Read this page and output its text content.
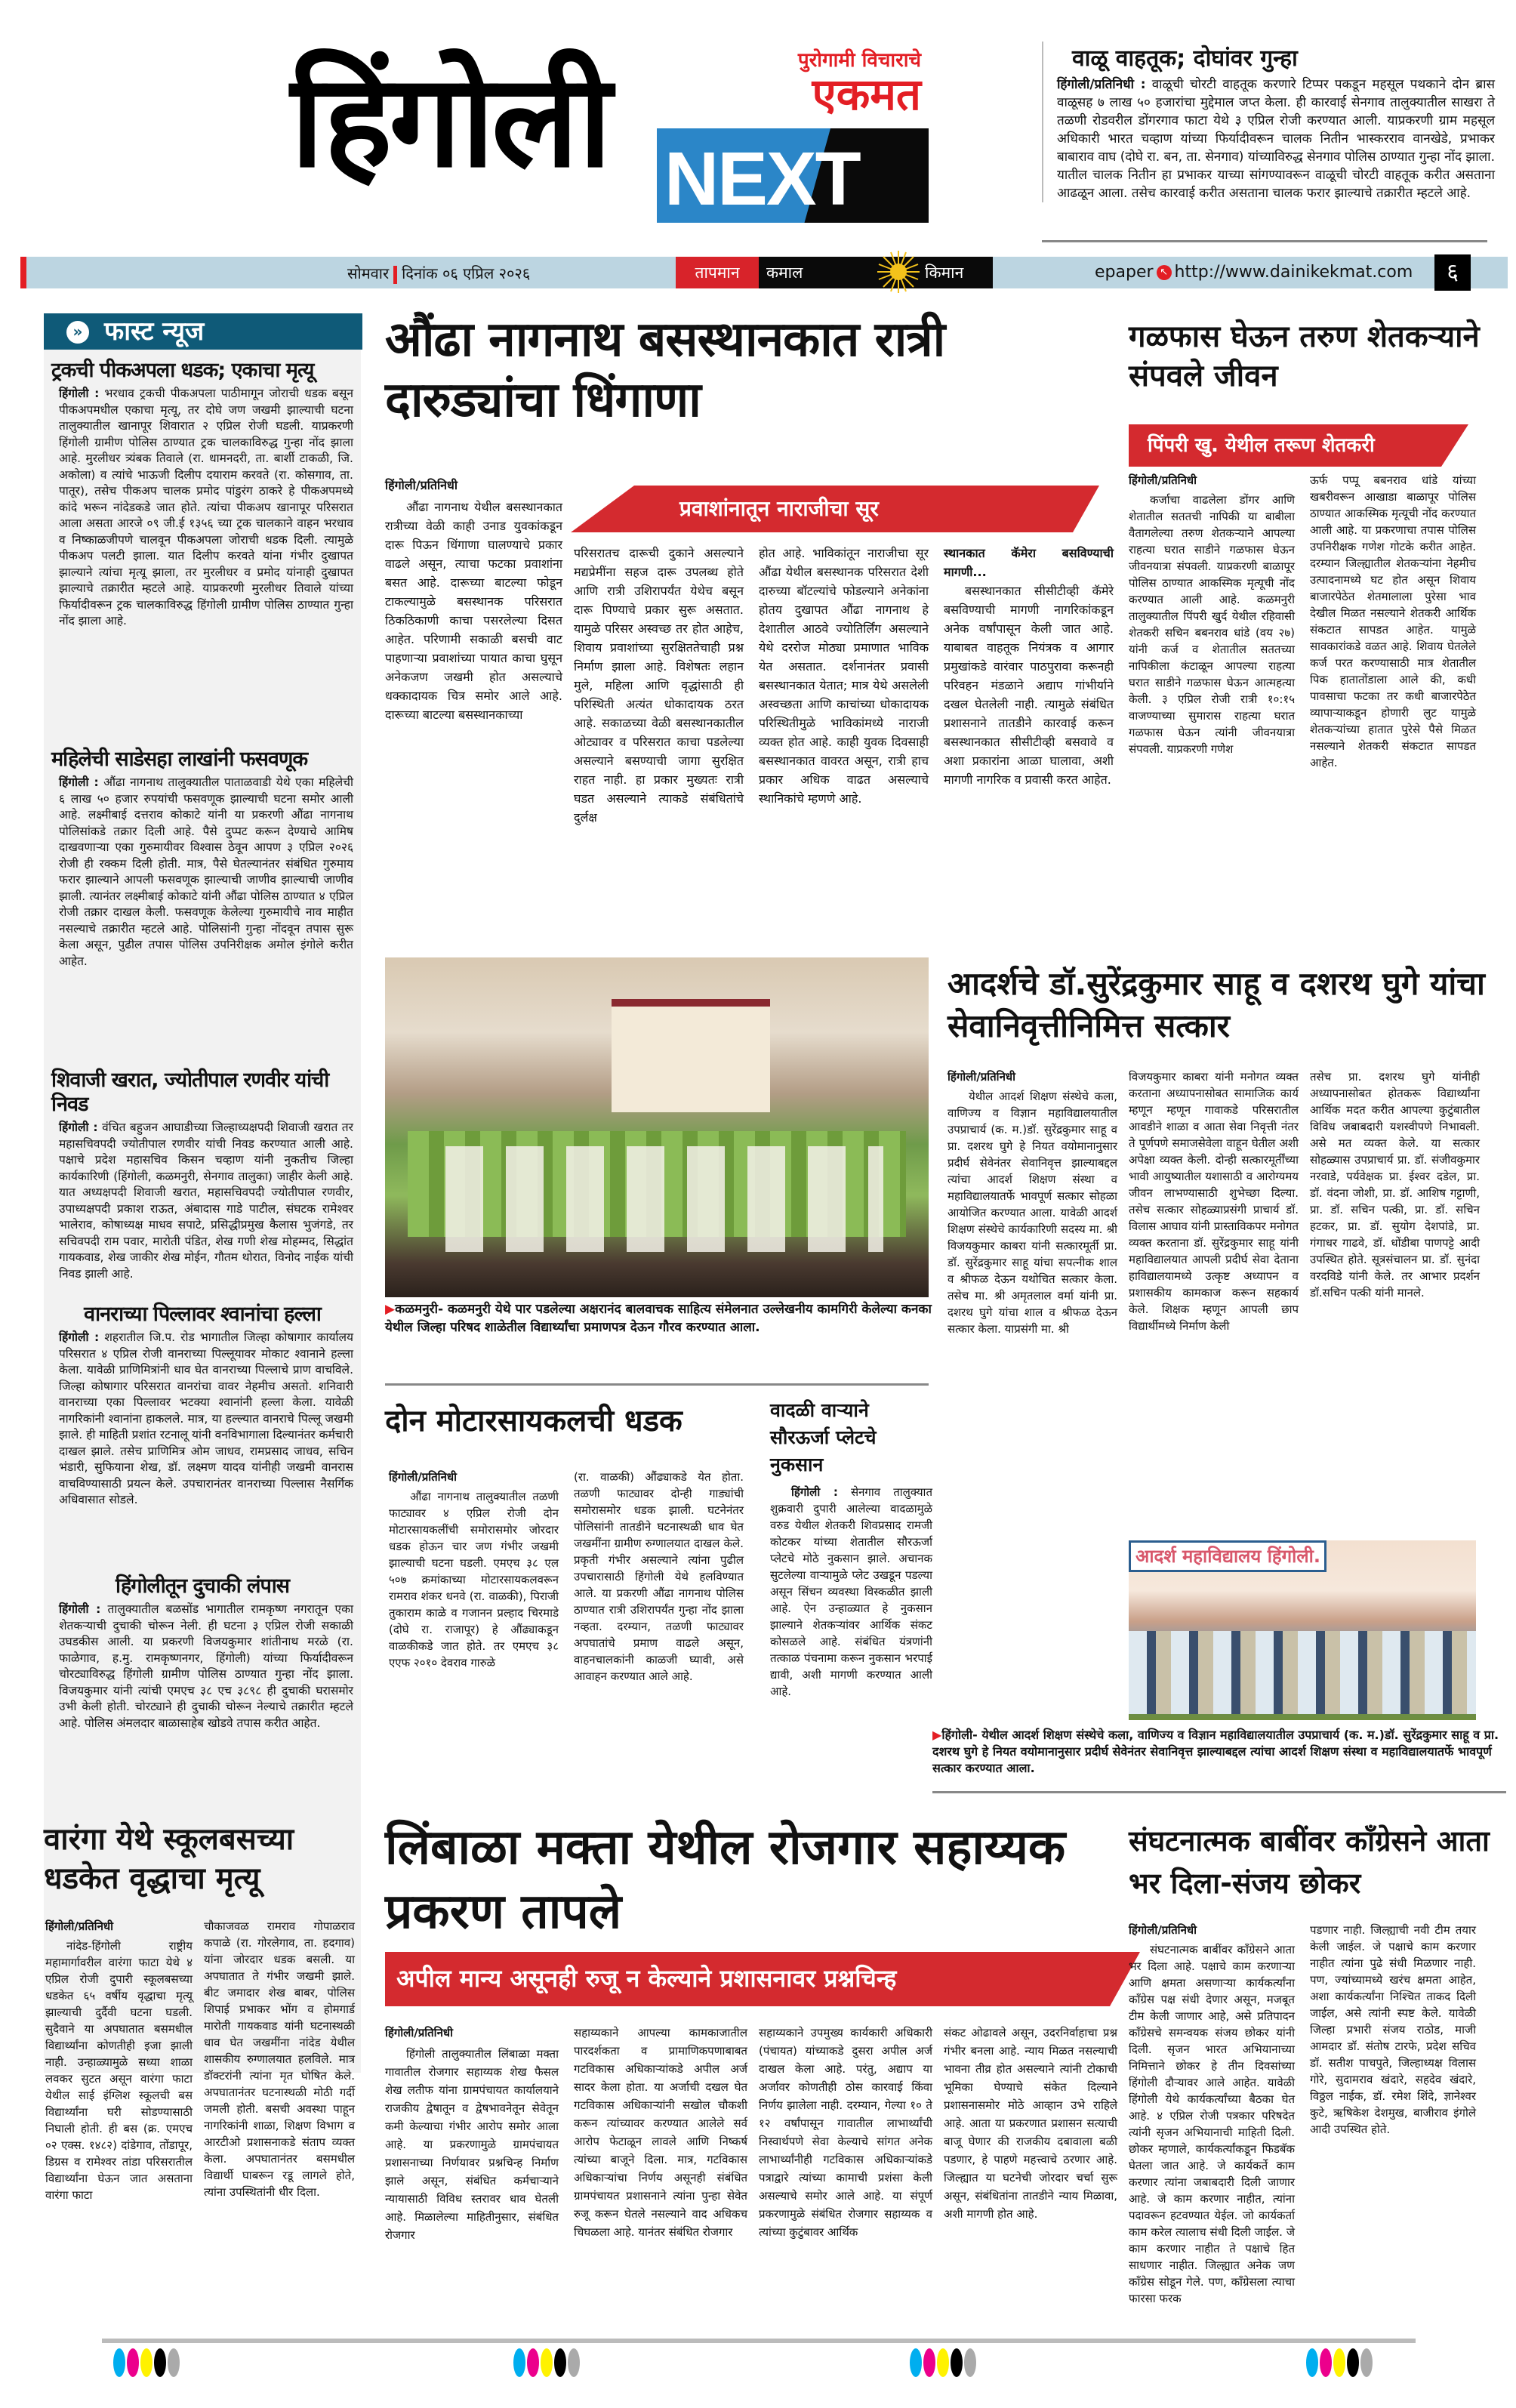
हिंगोली	पुरोगामी विचाराचे
एकमत
NEXT
वाळू वाहतूक; दोघांवर गुन्हा

हिंगोली/प्रतिनिधी : वाळूची चोरटी वाहतूक करणारे टिप्पर पकडून महसूल पथकाने दोन ब्रास वाळूसह ७ लाख ५० हजारांचा मुद्देमाल जप्त केला. ही कारवाई सेनगाव तालुक्यातील साखरा ते तळणी रोडवरील डोंगरगाव फाटा येथे ३ एप्रिल रोजी करण्यात आली. याप्रकरणी ग्राम महसूल अधिकारी भारत चव्हाण यांच्या फिर्यादीवरून चालक नितीन भास्करराव वानखेडे, प्रभाकर बाबाराव वाघ (दोघे रा. बन, ता. सेनगाव) यांच्याविरुद्ध सेनगाव पोलिस ठाण्यात गुन्हा नोंद झाला. यातील चालक नितीन हा प्रभाकर याच्या सांगण्यावरून वाळूची चोरटी वाहतूक करीत असताना आढळून आला. तसेच कारवाई करीत असताना चालक फरार झाल्याचे तक्रारीत म्हटले आहे.

सोमवार दिनांक ०६ एप्रिल २०२६	तापमान	कमाल	किमान	epaper ↖ http://www.dainikekmat.com	६
फास्ट न्यूज
»
ट्रकची पीकअपला धडक; एकाचा मृत्यू

हिंगोली : भरधाव ट्रकची पीकअपला पाठीमागून जोराची धडक बसून पीकअपमधील एकाचा मृत्यू, तर दोघे जण जखमी झाल्याची घटना तालुक्यातील खानापूर शिवारात २ एप्रिल रोजी घडली. याप्रकरणी हिंगोली ग्रामीण पोलिस ठाण्यात ट्रक चालकाविरुद्ध गुन्हा नोंद झाला आहे. मुरलीधर त्र्यंबक तिवाले (रा. धामनदरी, ता. बार्शी टाकळी, जि. अकोला) व त्यांचे भाऊजी दिलीप दयाराम करवते (रा. कोसगाव, ता. पातूर), तसेच पीकअप चालक प्रमोद पांडुरंग ठाकरे हे पीकअपमध्ये कांदे भरून नांदेडकडे जात होते. त्यांचा पीकअप खानापूर परिसरात आला असता आरजे ०९ जी.ई १३५६ च्या ट्रक चालकाने वाहन भरधाव व निष्काळजीपणे चालवून पीकअपला जोराची धडक दिली. त्यामुळे पीकअप पलटी झाला. यात दिलीप करवते यांना गंभीर दुखापत झाल्याने त्यांचा मृत्यू झाला, तर मुरलीधर व प्रमोद यांनाही दुखापत झाल्याचे तक्रारीत म्हटले आहे. याप्रकरणी मुरलीधर तिवाले यांच्या फिर्यादीवरून ट्रक चालकाविरुद्ध हिंगोली ग्रामीण पोलिस ठाण्यात गुन्हा नोंद झाला आहे.

महिलेची साडेसहा लाखांनी फसवणूक

हिंगोली : औंढा नागनाथ तालुक्यातील पाताळवाडी येथे एका महिलेची ६ लाख ५० हजार रुपयांची फसवणूक झाल्याची घटना समोर आली आहे. लक्ष्मीबाई दत्तराव कोकाटे यांनी या प्रकरणी औंढा नागनाथ पोलिसांकडे तक्रार दिली आहे. पैसे दुप्पट करून देण्याचे आमिष दाखवणाऱ्या एका गुरुमायीवर विश्वास ठेवून आपण ३ एप्रिल २०२६ रोजी ही रक्कम दिली होती. मात्र, पैसे घेतल्यानंतर संबंधित गुरुमाय फरार झाल्याने आपली फसवणूक झाल्याची जाणीव झाल्याची जाणीव झाली. त्यानंतर लक्ष्मीबाई कोकाटे यांनी औंढा पोलिस ठाण्यात ४ एप्रिल रोजी तक्रार दाखल केली. फसवणूक केलेल्या गुरुमायीचे नाव माहीत नसल्याचे तक्रारीत म्हटले आहे. पोलिसांनी गुन्हा नोंदवून तपास सुरू केला असून, पुढील तपास पोलिस उपनिरीक्षक अमोल इंगोले करीत आहेत.

शिवाजी खरात, ज्योतीपाल रणवीर यांची निवड

हिंगोली : वंचित बहुजन आघाडीच्या जिल्हाध्यक्षपदी शिवाजी खरात तर महासचिवपदी ज्योतीपाल रणवीर यांची निवड करण्यात आली आहे. पक्षाचे प्रदेश महासचिव किसन चव्हाण यांनी नुकतीच जिल्हा कार्यकारिणी (हिंगोली, कळमनुरी, सेनगाव तालुका) जाहीर केली आहे. यात अध्यक्षपदी शिवाजी खरात, महासचिवपदी ज्योतीपाल रणवीर, उपाध्यक्षपदी प्रकाश राऊत, अंबादास गाडे पाटील, संघटक रामेश्वर भालेराव, कोषाध्यक्ष माधव सपाटे, प्रसिद्धीप्रमुख कैलास भुजंगडे, तर सचिवपदी राम पवार, मारोती पंडित, शेख गणी शेख मोहम्मद, सिद्धांत गायकवाड, शेख जाकीर शेख मोईन, गौतम थोरात, विनोद नाईक यांची निवड झाली आहे.

वानराच्या पिल्लावर श्वानांचा हल्ला

हिंगोली : शहरातील जि.प. रोड भागातील जिल्हा कोषागार कार्यालय परिसरात ४ एप्रिल रोजी वानराच्या पिल्लूयावर मोकाट श्वानाने हल्ला केला. यावेळी प्राणिमित्रांनी धाव घेत वानराच्या पिल्लाचे प्राण वाचविले. जिल्हा कोषागार परिसरात वानरांचा वावर नेहमीच असतो. शनिवारी वानराच्या एका पिल्लावर भटक्या श्वानांनी हल्ला केला. यावेळी नागरिकांनी श्वानांना हाकलले. मात्र, या हल्ल्यात वानराचे पिल्लू जखमी झाले. ही माहिती प्रशांत रटनालू यांनी वनविभागाला दिल्यानंतर कर्मचारी दाखल झाले. तसेच प्राणिमित्र ओम जाधव, रामप्रसाद जाधव, सचिन भंडारी, सुफियाना शेख, डॉ. लक्ष्मण यादव यांनीही जखमी वानरास वाचविण्यासाठी प्रयत्न केले. उपचारानंतर वानराच्या पिल्लास नैसर्गिक अधिवासात सोडले.

हिंगोलीतून दुचाकी लंपास

हिंगोली : तालुक्यातील बळसोंड भागातील रामकृष्ण नगरातून एका शेतकऱ्याची दुचाकी चोरून नेली. ही घटना ३ एप्रिल रोजी सकाळी उघडकीस आली. या प्रकरणी विजयकुमार शांतीनाथ मरळे (रा. फाळेगाव, ह.मु. रामकृष्णनगर, हिंगोली) यांच्या फिर्यादीवरून चोरट्याविरुद्ध हिंगोली ग्रामीण पोलिस ठाण्यात गुन्हा नोंद झाला. विजयकुमार यांनी त्यांची एमएच ३८ एच ३८९८ ही दुचाकी घरासमोर उभी केली होती. चोरट्याने ही दुचाकी चोरून नेल्याचे तक्रारीत म्हटले आहे. पोलिस अंमलदार बाळासाहेब खोडवे तपास करीत आहेत.

औंढा नागनाथ बसस्थानकात रात्री दारुड्यांचा धिंगाणा
प्रवाशांनातून नाराजीचा सूर
हिंगोली/प्रतिनिधी

औंढा नागनाथ येथील बसस्थानकात रात्रीच्या वेळी काही उनाड युवकांकडून दारू पिऊन धिंगाणा घालण्याचे प्रकार वाढले असून, त्याचा फटका प्रवाशांना बसत आहे. दारूच्या बाटल्या फोडून टाकल्यामुळे बसस्थानक परिसरात ठिकठिकाणी काचा पसरलेल्या दिसत आहेत. परिणामी सकाळी बसची वाट पाहणाऱ्या प्रवाशांच्या पायात काचा घुसून अनेकजण जखमी होत असल्याचे धक्कादायक चित्र समोर आले आहे. दारूच्या बाटल्या बसस्थानकाच्या

परिसरातच दारूची दुकाने असल्याने मद्यप्रेमींना सहज दारू उपलब्ध होते आणि रात्री उशिरापर्यंत येथेच बसून दारू पिण्याचे प्रकार सुरू असतात. यामुळे परिसर अस्वच्छ तर होत आहेच, शिवाय प्रवाशांच्या सुरक्षिततेचाही प्रश्न निर्माण झाला आहे. विशेषतः लहान मुले, महिला आणि वृद्धांसाठी ही परिस्थिती अत्यंत धोकादायक ठरत आहे. सकाळच्या वेळी बसस्थानकातील ओट्यावर व परिसरात काचा पडलेल्या असल्याने बसण्याची जागा सुरक्षित राहत नाही. हा प्रकार मुख्यतः रात्री घडत असल्याने त्याकडे संबंधितांचे दुर्लक्ष

होत आहे. भाविकांतून नाराजीचा सूर औंढा येथील बसस्थानक परिसरात देशी दारुच्या बॉटल्यांचे फोडल्याने अनेकांना होतय दुखापत औंढा नागनाथ हे देशातील आठवे ज्योतिर्लिंग असल्याने येथे दररोज मोठ्या प्रमाणात भाविक येत असतात. दर्शनानंतर प्रवासी बसस्थानकात येतात; मात्र येथे असलेली अस्वच्छता आणि काचांच्या धोकादायक परिस्थितीमुळे भाविकांमध्ये नाराजी व्यक्त होत आहे. काही युवक दिवसाही बसस्थानकात वावरत असून, रात्री हाच प्रकार अधिक वाढत असल्याचे स्थानिकांचे म्हणणे आहे.

स्थानकात कॅमेरा बसविण्याची मागणी...

बसस्थानकात सीसीटीव्ही कॅमेरे बसविण्याची मागणी नागरिकांकडून अनेक वर्षांपासून केली जात आहे. याबाबत वाहतूक नियंत्रक व आगार प्रमुखांकडे वारंवार पाठपुरावा करूनही परिवहन मंडळाने अद्याप गांभीर्याने दखल घेतलेली नाही. त्यामुळे संबंधित प्रशासनाने तातडीने कारवाई करून बसस्थानकात सीसीटीव्ही बसवावे व अशा प्रकारांना आळा घालावा, अशी मागणी नागरिक व प्रवासी करत आहेत.

गळफास घेऊन तरुण शेतकऱ्याने संपवले जीवन
पिंपरी खु. येथील तरूण शेतकरी
हिंगोली/प्रतिनिधी

कर्जाचा वाढलेला डोंगर आणि शेतातील सततची नापिकी या बाबीला वैतागलेल्या तरुण शेतकऱ्याने आपल्या राहत्या घरात साडीने गळफास घेऊन जीवनयात्रा संपवली. याप्रकरणी बाळापूर पोलिस ठाण्यात आकस्मिक मृत्यूची नोंद करण्यात आली आहे. कळमनुरी तालुक्यातील पिंपरी खुर्द येथील रहिवासी शेतकरी सचिन बबनराव धांडे (वय २७) यांनी कर्ज व शेतातील सततच्या नापिकीला कंटाळून आपल्या राहत्या घरात साडीने गळफास घेऊन आत्महत्या केली. ३ एप्रिल रोजी रात्री १०:१५ वाजण्याच्या सुमारास राहत्या घरात गळफास घेऊन त्यांनी जीवनयात्रा संपवली. याप्रकरणी गणेश

ऊर्फ पप्पू बबनराव धांडे यांच्या खबरीवरून आखाडा बाळापूर पोलिस ठाण्यात आकस्मिक मृत्यूची नोंद करण्यात आली आहे. या प्रकरणाचा तपास पोलिस उपनिरीक्षक गणेश गोटके करीत आहेत. दरम्यान जिल्ह्यातील शेतकऱ्यांना नेहमीच उत्पादनामध्ये घट होत असून शिवाय बाजारपेठेत शेतमालाला पुरेसा भाव देखील मिळत नसल्याने शेतकरी आर्थिक संकटात सापडत आहेत. यामुळे सावकारांकडे वळत आहे. शिवाय घेतलेले कर्ज परत करण्यासाठी मात्र शेतातील पिक हातातोंडाला आले की, कधी पावसाचा फटका तर कधी बाजारपेठेत व्यापाऱ्याकडून होणारी लुट यामुळे शेतकऱ्यांच्या हातात पुरेसे पैसे मिळत नसल्याने शेतकरी संकटात सापडत आहेत.

▶कळमनुरी- कळमनुरी येथे पार पडलेल्या अक्षरानंद बालवाचक साहित्य संमेलनात उल्लेखनीय कामगिरी केलेल्या कनका येथील जिल्हा परिषद शाळेतील विद्यार्थ्यांचा प्रमाणपत्र देऊन गौरव करण्यात आला.
आदर्शचे डॉ.सुरेंद्रकुमार साहू व दशरथ घुगे यांचा सेवानिवृत्तीनिमित्त सत्कार
हिंगोली/प्रतिनिधी

येथील आदर्श शिक्षण संस्थेचे कला, वाणिज्य व विज्ञान महाविद्यालयातील उपप्राचार्य (क. म.)डॉ. सुरेंद्रकुमार साहू व प्रा. दशरथ घुगे हे नियत वयोमानानुसार प्रदीर्घ सेवेनंतर सेवानिवृत्त झाल्याबद्दल त्यांचा आदर्श शिक्षण संस्था व महाविद्यालयातर्फे भावपूर्ण सत्कार सोहळा आयोजित करण्यात आला. यावेळी आदर्श शिक्षण संस्थेचे कार्यकारिणी सदस्य मा. श्री विजयकुमार काबरा यांनी सत्कारमूर्ती प्रा. डॉ. सुरेंद्रकुमार साहू यांचा सपत्नीक शाल व श्रीफळ देऊन यथोचित सत्कार केला. तसेच मा. श्री अमृतलाल वर्मा यांनी प्रा. दशरथ घुगे यांचा शाल व श्रीफळ देऊन सत्कार केला. याप्रसंगी मा. श्री

विजयकुमार काबरा यांनी मनोगत व्यक्त करताना अध्यापनासोबत सामाजिक कार्य म्हणून म्हणून गावाकडे परिसरातील आवडीने शाळा व आता सेवा निवृत्ती नंतर ते पूर्णपणे समाजसेवेला वाहून घेतील अशी अपेक्षा व्यक्त केली. दोन्ही सत्कारमूर्तींच्या भावी आयुष्यातील यशासाठी व आरोग्यमय जीवन लाभण्यासाठी शुभेच्छा दिल्या. तसेच सत्कार सोहळ्याप्रसंगी प्राचार्य डॉ. विलास आघाव यांनी प्रास्ताविकपर मनोगत व्यक्त करताना डॉ. सुरेंद्रकुमार साहू यांनी महाविद्यालयात आपली प्रदीर्घ सेवा देताना हाविद्यालयामध्ये उत्कृष्ट अध्यापन व प्रशासकीय कामकाज करून सहकार्य केले. शिक्षक म्हणून आपली छाप विद्यार्थीमध्ये निर्माण केली

तसेच प्रा. दशरथ घुगे यांनीही अध्यापनासोबत होतकरू विद्यार्थ्यांना आर्थिक मदत करीत आपल्या कुटुंबातील विविध जबाबदारी यशस्वीपणे निभावली. असे मत व्यक्त केले. या सत्कार सोहळ्यास उपप्राचार्य प्रा. डॉ. संजीवकुमार नरवाडे, पर्यवेक्षक प्रा. ईश्वर दडेल, प्रा. डॉ. वंदना जोशी, प्रा. डॉ. आशिष गट्टाणी, प्रा. डॉ. सचिन पत्की, प्रा. डॉ. सचिन हटकर, प्रा. डॉ. सुयोग देशपांडे, प्रा. गंगाधर गाढवे, डॉ. धोंडीबा पाणपट्टे आदी उपस्थित होते. सूत्रसंचालन प्रा. डॉ. सुनंदा वरदविडे यांनी केले. तर आभार प्रदर्शन डॉ.सचिन पत्की यांनी मानले.

आदर्श महाविद्यालय हिंगोली.
▶हिंगोली- येथील आदर्श शिक्षण संस्थेचे कला, वाणिज्य व विज्ञान महाविद्यालयातील उपप्राचार्य (क. म.)डॉ. सुरेंद्रकुमार साहू व प्रा. दशरथ घुगे हे नियत वयोमानानुसार प्रदीर्घ सेवेनंतर सेवानिवृत्त झाल्याबद्दल त्यांचा आदर्श शिक्षण संस्था व महाविद्यालयातर्फे भावपूर्ण सत्कार करण्यात आला.
दोन मोटारसायकलची धडक
हिंगोली/प्रतिनिधी

औंढा नागनाथ तालुक्यातील तळणी फाट्यावर ४ एप्रिल रोजी दोन मोटारसायकलींची समोरासमोर जोरदार धडक होऊन चार जण गंभीर जखमी झाल्याची घटना घडली. एमएच ३८ एल ५०७ क्रमांकाच्या मोटारसायकलवरून रामराव शंकर धनवे (रा. वाळकी), पिराजी तुकाराम काळे व गजानन प्रल्हाद चिरमाडे (दोघे रा. राजापूर) हे औंढ्याकडून वाळकीकडे जात होते. तर एमएच ३८ एएफ २०१० देवराव गारुळे

(रा. वाळकी) औंढ्याकडे येत होता. तळणी फाट्यावर दोन्ही गाड्यांची समोरासमोर धडक झाली. घटनेनंतर पोलिसांनी तातडीने घटनास्थळी धाव घेत जखमींना ग्रामीण रुग्णालयात दाखल केले. प्रकृती गंभीर असल्याने त्यांना पुढील उपचारासाठी हिंगोली येथे हलविण्यात आले. या प्रकरणी औंढा नागनाथ पोलिस ठाण्यात रात्री उशिरापर्यंत गुन्हा नोंद झाला नव्हता. दरम्यान, तळणी फाट्यावर अपघातांचे प्रमाण वाढले असून, वाहनचालकांनी काळजी घ्यावी, असे आवाहन करण्यात आले आहे.

वादळी वाऱ्याने सौरऊर्जा प्लेटचे नुकसान

हिंगोली : सेनगाव तालुक्यात शुक्रवारी दुपारी आलेल्या वादळामुळे वरुड येथील शेतकरी शिवप्रसाद रामजी कोटकर यांच्या शेतातील सौरऊर्जा प्लेटचे मोठे नुकसान झाले. अचानक सुटलेल्या वाऱ्यामुळे प्लेट उखडून पडल्या असून सिंचन व्यवस्था विस्कळीत झाली आहे. ऐन उन्हाळ्यात हे नुकसान झाल्याने शेतकऱ्यांवर आर्थिक संकट कोसळले आहे. संबंधित यंत्रणांनी तत्काळ पंचनामा करून नुकसान भरपाई द्यावी, अशी मागणी करण्यात आली आहे.

वारंगा येथे स्कूलबसच्या धडकेत वृद्धाचा मृत्यू
हिंगोली/प्रतिनिधी

नांदेड-हिंगोली राष्ट्रीय महामार्गावरील वारंगा फाटा येथे ४ एप्रिल रोजी दुपारी स्कूलबसच्या धडकेत ६५ वर्षीय वृद्धाचा मृत्यू झाल्याची दुर्दैवी घटना घडली. सुदैवाने या अपघातात बसमधील विद्यार्थ्यांना कोणतीही इजा झाली नाही. उन्हाळ्यामुळे सध्या शाळा लवकर सुटत असून वारंगा फाटा येथील साई इंग्लिश स्कूलची बस विद्यार्थ्यांना घरी सोडण्यासाठी निघाली होती. ही बस (क्र. एमएच ०२ एक्स. १४८२) दांडेगाव, तोंडापूर, डिग्रस व रामेश्वर तांडा परिसरातील विद्यार्थ्यांना घेऊन जात असताना वारंगा फाटा

चौकाजवळ रामराव गोपाळराव कपाळे (रा. गोरलेगाव, ता. हदगाव) यांना जोरदार धडक बसली. या अपघातात ते गंभीर जखमी झाले. बीट जमादार शेख बाबर, पोलिस शिपाई प्रभाकर भोंग व होमगार्ड मारोती गायकवाड यांनी घटनास्थळी धाव घेत जखमींना नांदेड येथील शासकीय रुग्णालयात हलविले. मात्र डॉक्टरांनी त्यांना मृत घोषित केले. अपघातानंतर घटनास्थळी मोठी गर्दी जमली होती. बसची अवस्था पाहून नागरिकांनी शाळा, शिक्षण विभाग व आरटीओ प्रशासनाकडे संताप व्यक्त केला. अपघातानंतर बसमधील विद्यार्थी घाबरून रडू लागले होते, त्यांना उपस्थितांनी धीर दिला.

लिंबाळा मक्ता येथील रोजगार सहाय्यक प्रकरण तापले
अपील मान्य असूनही रुजू न केल्याने प्रशासनावर प्रश्नचिन्ह
हिंगोली/प्रतिनिधी

हिंगोली तालुक्यातील लिंबाळा मक्ता गावातील रोजगार सहाय्यक शेख फैसल शेख लतीफ यांना ग्रामपंचायत कार्यालयाने राजकीय द्वेषातून व द्वेषभावनेतून सेवेतून कमी केल्याचा गंभीर आरोप समोर आला आहे. या प्रकरणामुळे ग्रामपंचायत प्रशासनाच्या निर्णयावर प्रश्नचिन्ह निर्माण झाले असून, संबंधित कर्मचाऱ्याने न्यायासाठी विविध स्तरावर धाव घेतली आहे. मिळालेल्या माहितीनुसार, संबंधित रोजगार

सहाय्यकाने आपल्या कामकाजातील पारदर्शकता व प्रामाणिकपणाबाबत गटविकास अधिकाऱ्यांकडे अपील अर्ज सादर केला होता. या अर्जाची दखल घेत गटविकास अधिकाऱ्यांनी सखोल चौकशी करून त्यांच्यावर करण्यात आलेले सर्व आरोप फेटाळून लावले आणि निष्कर्ष त्यांच्या बाजूने दिला. मात्र, गटविकास अधिकाऱ्यांचा निर्णय असूनही संबंधित ग्रामपंचायत प्रशासनाने त्यांना पुन्हा सेवेत रुजू करून घेतले नसल्याने वाद अधिकच चिघळला आहे. यानंतर संबंधित रोजगार

सहाय्यकाने उपमुख्य कार्यकारी अधिकारी (पंचायत) यांच्याकडे दुसरा अपील अर्ज दाखल केला आहे. परंतु, अद्याप या अर्जावर कोणतीही ठोस कारवाई किंवा निर्णय झालेला नाही. दरम्यान, गेल्या १० ते १२ वर्षांपासून गावातील लाभार्थ्यांची निस्वार्थपणे सेवा केल्याचे सांगत अनेक लाभार्थ्यांनीही गटविकास अधिकाऱ्यांकडे पत्राद्वारे त्यांच्या कामाची प्रशंसा केली असल्याचे समोर आले आहे. या संपूर्ण प्रकरणामुळे संबंधित रोजगार सहाय्यक व त्यांच्या कुटुंबावर आर्थिक

संकट ओढावले असून, उदरनिर्वाहाचा प्रश्न गंभीर बनला आहे. न्याय मिळत नसल्याची भावना तीव्र होत असल्याने त्यांनी टोकाची भूमिका घेण्याचे संकेत दिल्याने प्रशासनासमोर मोठे आव्हान उभे राहिले आहे. आता या प्रकरणात प्रशासन सत्याची बाजू घेणार की राजकीय दबावाला बळी पडणार, हे पाहणे महत्त्वाचे ठरणार आहे. जिल्ह्यात या घटनेची जोरदार चर्चा सुरू असून, संबंधितांना तातडीने न्याय मिळावा, अशी मागणी होत आहे.

संघटनात्मक बाबींवर काँग्रेसने आता भर दिला-संजय छोकर
हिंगोली/प्रतिनिधी

संघटनात्मक बाबींवर काँग्रेसने आता भर दिला आहे. पक्षाचे काम करणाऱ्या आणि क्षमता असणाऱ्या कार्यकर्त्यांना काँग्रेस पक्ष संधी देणार असून, मजबूत टीम केली जाणार आहे, असे प्रतिपादन काँग्रेसचे समन्वयक संजय छोकर यांनी दिली. सृजन भारत अभियानाच्या निमित्ताने छोकर हे तीन दिवसांच्या हिंगोली दौऱ्यावर आले आहेत. यावेळी हिंगोली येथे कार्यकर्त्यांच्या बैठका घेत आहे. ४ एप्रिल रोजी पत्रकार परिषदेत त्यांनी सृजन अभियानाची माहिती दिली. छोकर म्हणाले, कार्यकर्त्यांकडून फिडबॅक घेतला जात आहे. जे कार्यकर्ते काम करणार त्यांना जबाबदारी दिली जाणार आहे. जे काम करणार नाहीत, त्यांना पदावरून हटवण्यात येईल. जो कार्यकर्ता काम करेल त्यालाच संधी दिली जाईल. जे काम करणार नाहीत ते पक्षाचे हित साधणार नाहीत. जिल्ह्यात अनेक जण काँग्रेस सोडून गेले. पण, काँग्रेसला त्याचा फारसा फरक

पडणार नाही. जिल्ह्याची नवी टीम तयार केली जाईल. जे पक्षाचे काम करणार नाहीत त्यांना पुढे संधी मिळणार नाही. पण, ज्यांच्यामध्ये खरंच क्षमता आहेत, अशा कार्यकर्त्यांना निश्चित ताकद दिली जाईल, असे त्यांनी स्पष्ट केले. यावेळी जिल्हा प्रभारी संजय राठोड, माजी आमदार डॉ. संतोष टारफे, प्रदेश सचिव डॉ. सतीश पाचपुते, जिल्हाध्यक्ष विलास गोरे, सुदामराव खंदारे, सहदेव खंदारे, विठ्ठल नाईक, डॉ. रमेश शिंदे, ज्ञानेश्वर कुटे, ऋषिकेश देशमुख, बाजीराव इंगोले आदी उपस्थित होते.
